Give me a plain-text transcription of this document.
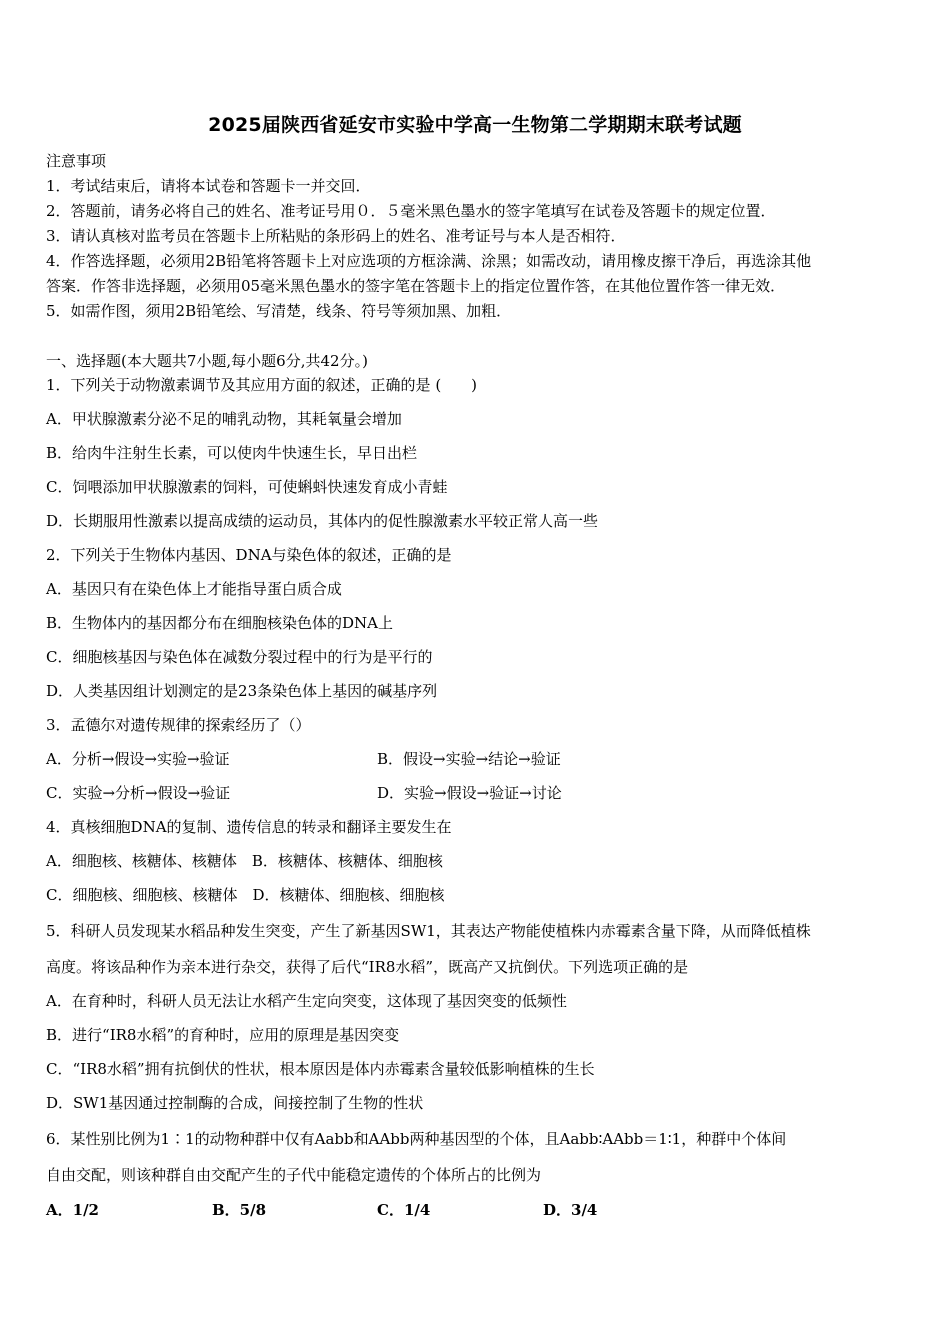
2025届陕西省延安市实验中学高一生物第二学期期末联考试题
注意事项
1．考试结束后，请将本试卷和答题卡一并交回．
2．答题前，请务必将自己的姓名、准考证号用０．５毫米黑色墨水的签字笔填写在试卷及答题卡的规定位置．
3．请认真核对监考员在答题卡上所粘贴的条形码上的姓名、准考证号与本人是否相符．
4．作答选择题，必须用2B铅笔将答题卡上对应选项的方框涂满、涂黑；如需改动，请用橡皮擦干净后，再选涂其他
答案．作答非选择题，必须用05毫米黑色墨水的签字笔在答题卡上的指定位置作答，在其他位置作答一律无效．
5．如需作图，须用2B铅笔绘、写清楚，线条、符号等须加黑、加粗．
一、选择题(本大题共7小题,每小题6分,共42分。)
1．下列关于动物激素调节及其应用方面的叙述，正确的是 (　　)
A．甲状腺激素分泌不足的哺乳动物，其耗氧量会增加
B．给肉牛注射生长素，可以使肉牛快速生长，早日出栏
C．饲喂添加甲状腺激素的饲料，可使蝌蚪快速发育成小青蛙
D．长期服用性激素以提高成绩的运动员，其体内的促性腺激素水平较正常人高一些
2．下列关于生物体内基因、DNA与染色体的叙述，正确的是
A．基因只有在染色体上才能指导蛋白质合成
B．生物体内的基因都分布在细胞核染色体的DNA上
C．细胞核基因与染色体在减数分裂过程中的行为是平行的
D．人类基因组计划测定的是23条染色体上基因的碱基序列
3．孟德尔对遗传规律的探索经历了（）
A．分析→假设→实验→验证	B．假设→实验→结论→验证
C．实验→分析→假设→验证	D．实验→假设→验证→讨论
4．真核细胞DNA的复制、遗传信息的转录和翻译主要发生在
A．细胞核、核糖体、核糖体　B．核糖体、核糖体、细胞核
C．细胞核、细胞核、核糖体　D．核糖体、细胞核、细胞核
5．科研人员发现某水稻品种发生突变，产生了新基因SW1，其表达产物能使植株内赤霉素含量下降，从而降低植株
高度。将该品种作为亲本进行杂交，获得了后代“IR8水稻”，既高产又抗倒伏。下列选项正确的是
A．在育种时，科研人员无法让水稻产生定向突变，这体现了基因突变的低频性
B．进行“IR8水稻”的育种时，应用的原理是基因突变
C．“IR8水稻”拥有抗倒伏的性状，根本原因是体内赤霉素含量较低影响植株的生长
D．SW1基因通过控制酶的合成，间接控制了生物的性状
6．某性别比例为1∶1的动物种群中仅有Aabb和AAbb两种基因型的个体，且Aabb∶AAbb＝1∶1，种群中个体间
自由交配，则该种群自由交配产生的子代中能稳定遗传的个体所占的比例为
A．1/2	B．5/8	C．1/4	D．3/4
